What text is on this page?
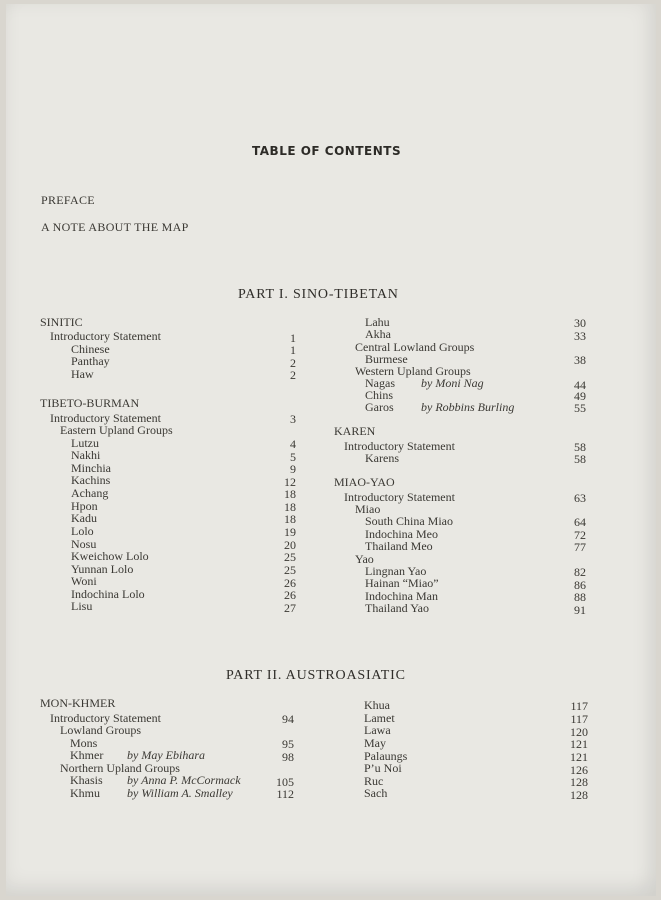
TABLE OF CONTENTS
PREFACE
A NOTE ABOUT THE MAP
PART I. SINO-TIBETAN
SINITIC
Introductory Statement	1
Chinese	1
Panthay	2
Haw	2
TIBETO-BURMAN
Introductory Statement	3
Eastern Upland Groups
Lutzu	4
Nakhi	5
Minchia	9
Kachins	12
Achang	18
Hpon	18
Kadu	18
Lolo	19
Nosu	20
Kweichow Lolo	25
Yunnan Lolo	25
Woni	26
Indochina Lolo	26
Lisu	27
Lahu	30
Akha	33
Central Lowland Groups
Burmese	38
Western Upland Groups
Nagas by Moni Nag	44
Chins	49
Garos by Robbins Burling	55
KAREN
Introductory Statement	58
Karens	58
MIAO-YAO
Introductory Statement	63
Miao
South China Miao	64
Indochina Meo	72
Thailand Meo	77
Yao
Lingnan Yao	82
Hainan “Miao”	86
Indochina Man	88
Thailand Yao	91
PART II. AUSTROASIATIC
MON-KHMER
Introductory Statement	94
Lowland Groups
Mons	95
Khmer by May Ebihara	98
Northern Upland Groups
Khasis by Anna P. McCormack	105
Khmu by William A. Smalley	112
Khua	117
Lamet	117
Lawa	120
May	121
Palaungs	121
P’u Noi	126
Ruc	128
Sach	128
